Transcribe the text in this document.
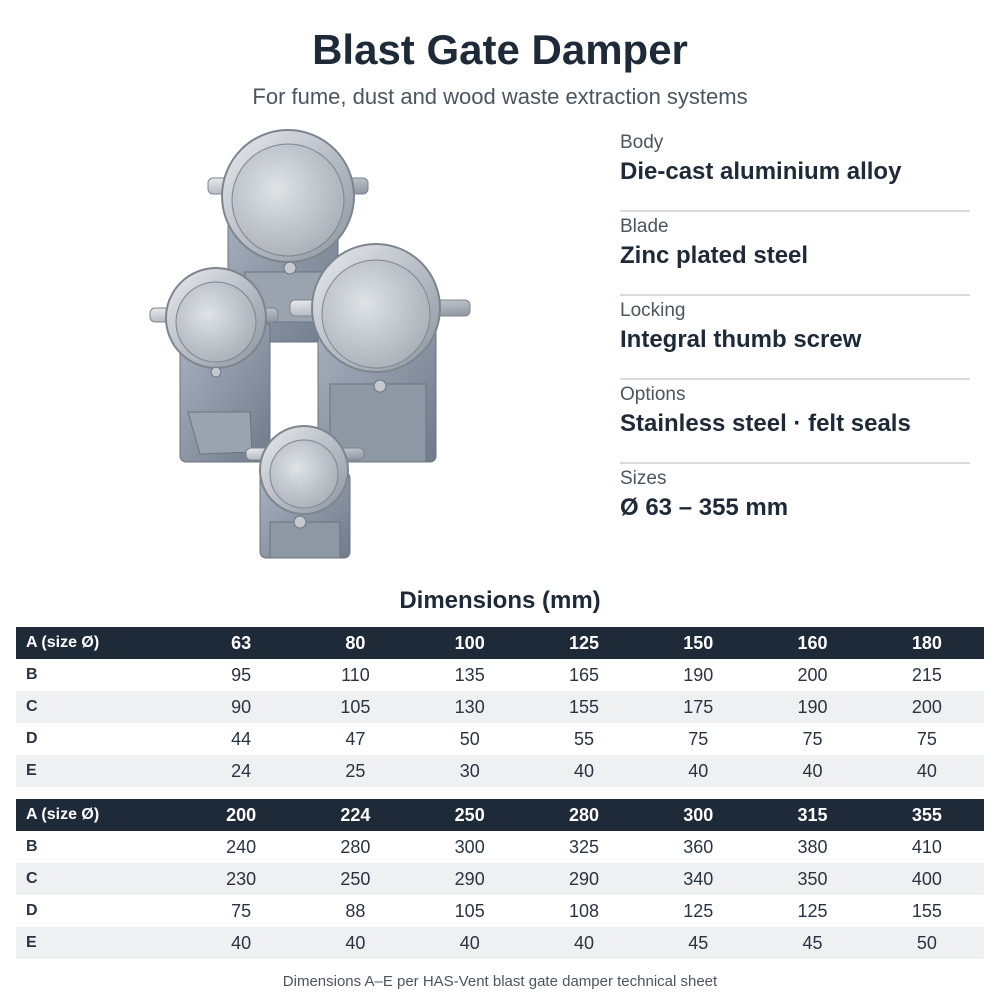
Blast Gate Damper
For fume, dust and wood waste extraction systems
Body
Die-cast aluminium alloy
Blade
Zinc plated steel
Locking
Integral thumb screw
Options
Stainless steel · felt seals
Sizes
Ø 63 – 355 mm
Dimensions (mm)
A (size Ø)	63	80	100	125	150	160	180
B	95	110	135	165	190	200	215
C	90	105	130	155	175	190	200
D	44	47	50	55	75	75	75
E	24	25	30	40	40	40	40
A (size Ø)	200	224	250	280	300	315	355
B	240	280	300	325	360	380	410
C	230	250	290	290	340	350	400
D	75	88	105	108	125	125	155
E	40	40	40	40	45	45	50
Dimensions A–E per HAS-Vent blast gate damper technical sheet
